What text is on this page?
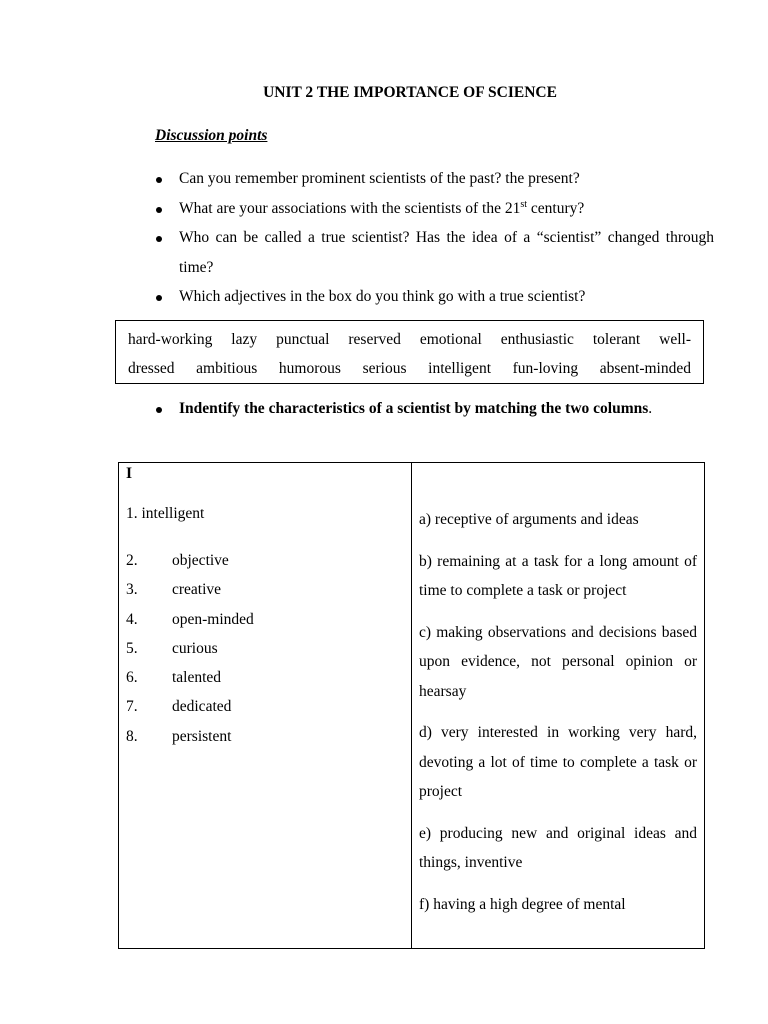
UNIT 2 THE IMPORTANCE OF SCIENCE
Discussion points
Can you remember prominent scientists of the past? the present?
What are your associations with the scientists of the 21st century?
Who can be called a true scientist? Has the idea of a “scientist” changed through time?
Which adjectives in the box do you think go with a true scientist?
hard-working lazy punctual reserved emotional enthusiastic tolerant well-
dressed ambitious humorous serious intelligent fun-loving absent-minded
Indentify the characteristics of a scientist by matching the two columns.
I
1. intelligent
2. objective
3. creative
4. open-minded
5. curious
6. talented
7. dedicated
8. persistent
a) receptive of arguments and ideas
b) remaining at a task for a long amount of time to complete a task or project
c) making observations and decisions based upon evidence, not personal opinion or hearsay
d) very interested in working very hard, devoting a lot of time to complete a task or project
e) producing new and original ideas and things, inventive
f) having a high degree of mental
